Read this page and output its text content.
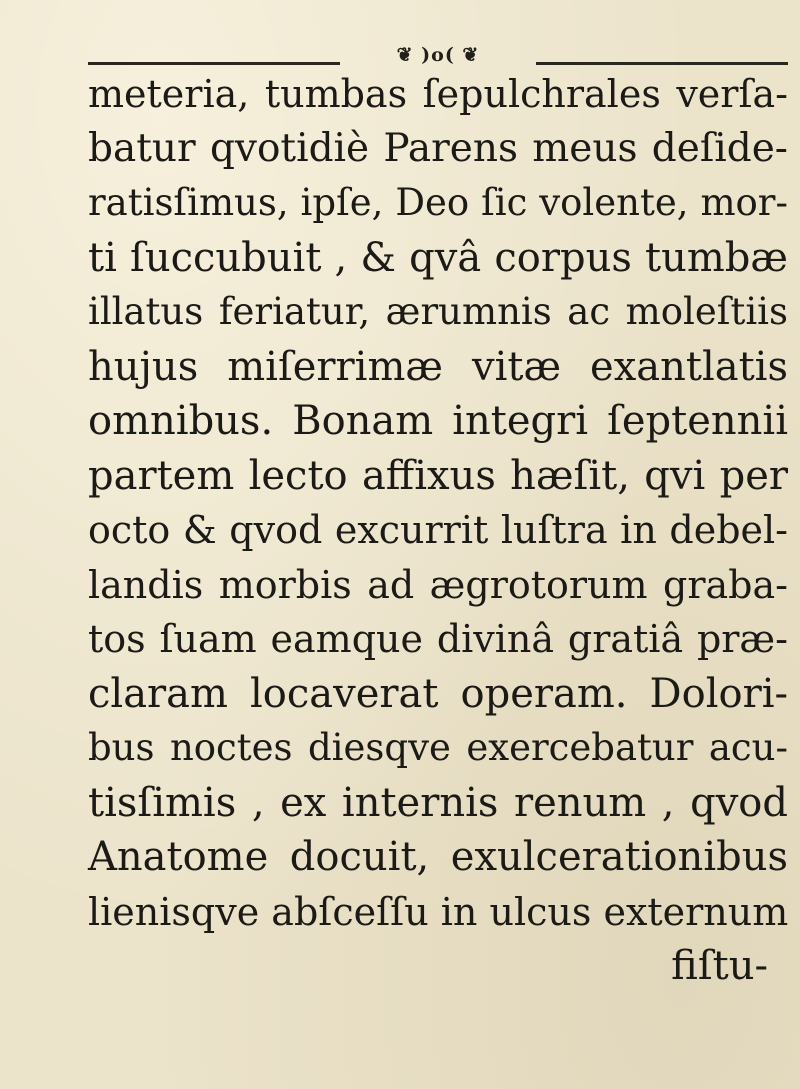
❦ )o( ❦
meteria, tumbas ſepulchrales verſa-
batur qvotidiè Parens meus deſide-
ratisſimus, ipſe, Deo ſic volente, mor-
ti ſuccubuit , & qvâ corpus tumbæ
illatus feriatur, ærumnis ac moleſtiis
hujus miſerrimæ vitæ exantlatis
omnibus. Bonam integri ſeptennii
partem lecto affixus hæſit, qvi per
octo & qvod excurrit luſtra in debel-
landis morbis ad ægrotorum graba-
tos ſuam eamque divinâ gratiâ præ-
claram locaverat operam. Dolori-
bus noctes diesqve exercebatur acu-
tisſimis , ex internis renum , qvod
Anatome docuit, exulcerationibus
lienisqve abſceſſu in ulcus externum
fiſtu-
